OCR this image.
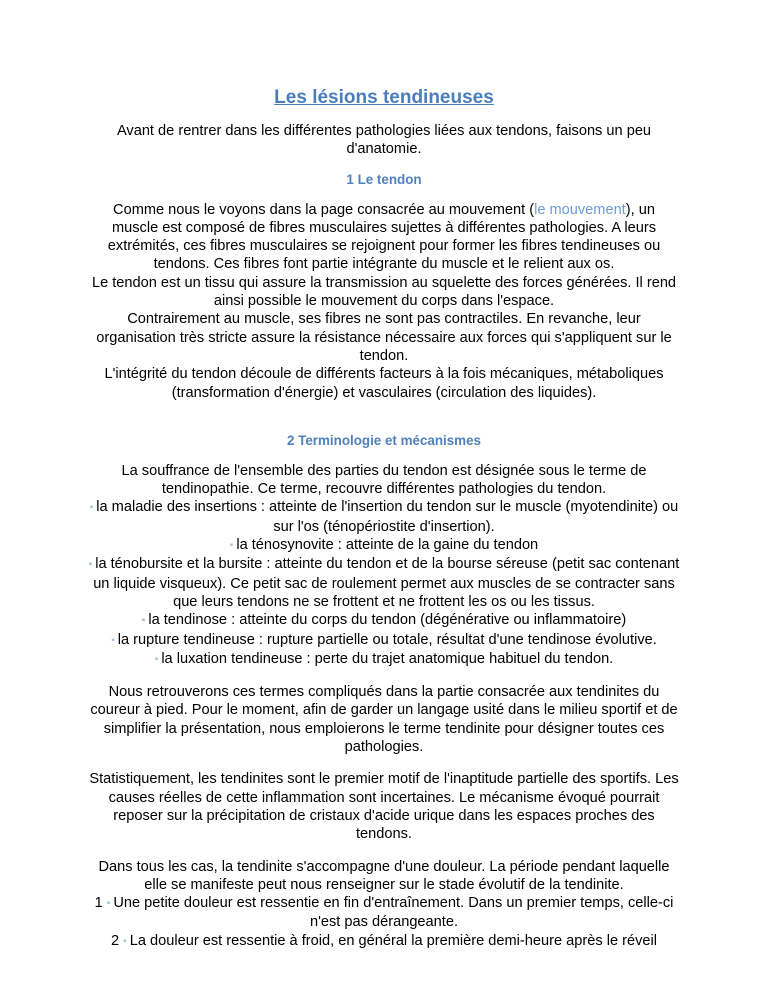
Les lésions tendineuses

Avant de rentrer dans les différentes pathologies liées aux tendons, faisons un peu d'anatomie.

1 Le tendon

Comme nous le voyons dans la page consacrée au mouvement (le mouvement), un muscle est composé de fibres musculaires sujettes à différentes pathologies. A leurs extrémités, ces fibres musculaires se rejoignent pour former les fibres tendineuses ou tendons. Ces fibres font partie intégrante du muscle et le relient aux os.

Le tendon est un tissu qui assure la transmission au squelette des forces générées. Il rend ainsi possible le mouvement du corps dans l'espace.

Contrairement au muscle, ses fibres ne sont pas contractiles. En revanche, leur organisation très stricte assure la résistance nécessaire aux forces qui s'appliquent sur le tendon.

L'intégrité du tendon découle de différents facteurs à la fois mécaniques, métaboliques (transformation d'énergie) et vasculaires (circulation des liquides).

2 Terminologie et mécanismes

La souffrance de l'ensemble des parties du tendon est désignée sous le terme de tendinopathie. Ce terme, recouvre différentes pathologies du tendon.

▪ la maladie des insertions : atteinte de l'insertion du tendon sur le muscle (myotendinite) ou sur l'os (ténopériostite d'insertion).

▪ la ténosynovite : atteinte de la gaine du tendon

▪ la ténobursite et la bursite : atteinte du tendon et de la bourse séreuse (petit sac contenant un liquide visqueux). Ce petit sac de roulement permet aux muscles de se contracter sans que leurs tendons ne se frottent et ne frottent les os ou les tissus.

▪ la tendinose : atteinte du corps du tendon (dégénérative ou inflammatoire)

▪ la rupture tendineuse : rupture partielle ou totale, résultat d'une tendinose évolutive.

▪ la luxation tendineuse : perte du trajet anatomique habituel du tendon.

Nous retrouverons ces termes compliqués dans la partie consacrée aux tendinites du coureur à pied. Pour le moment, afin de garder un langage usité dans le milieu sportif et de simplifier la présentation, nous emploierons le terme tendinite pour désigner toutes ces pathologies.

Statistiquement, les tendinites sont le premier motif de l'inaptitude partielle des sportifs. Les causes réelles de cette inflammation sont incertaines. Le mécanisme évoqué pourrait reposer sur la précipitation de cristaux d'acide urique dans les espaces proches des tendons.

Dans tous les cas, la tendinite s'accompagne d'une douleur. La période pendant laquelle elle se manifeste peut nous renseigner sur le stade évolutif de la tendinite.

1 ▪ Une petite douleur est ressentie en fin d'entraînement. Dans un premier temps, celle-ci n'est pas dérangeante.

2 ▪ La douleur est ressentie à froid, en général la première demi-heure après le réveil
